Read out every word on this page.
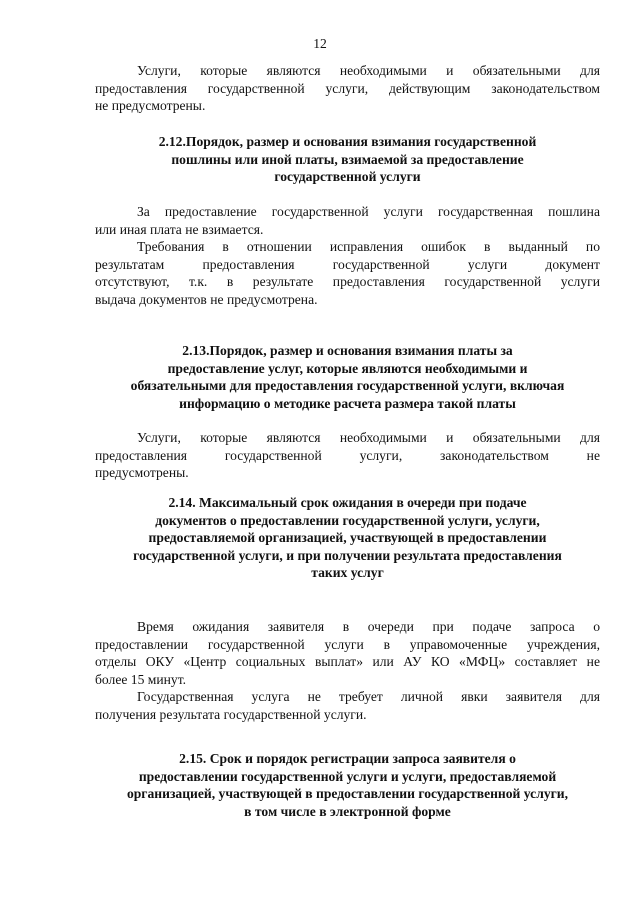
12
Услуги, которые являются необходимыми и обязательными для
предоставления государственной услуги, действующим законодательством
не предусмотрены.
2.12.Порядок, размер и основания взимания государственной
пошлины или иной платы, взимаемой за предоставление
государственной услуги
За предоставление государственной услуги государственная пошлина
или иная плата не взимается.
Требования в отношении исправления ошибок в выданный по
результатам предоставления государственной услуги документ
отсутствуют, т.к. в результате предоставления государственной услуги
выдача документов не предусмотрена.
2.13.Порядок, размер и основания взимания платы за
предоставление услуг, которые являются необходимыми и
обязательными для предоставления государственной услуги, включая
информацию о методике расчета размера такой платы
Услуги, которые являются необходимыми и обязательными для
предоставления государственной услуги, законодательством не
предусмотрены.
2.14. Максимальный срок ожидания в очереди при подаче
документов о предоставлении государственной услуги, услуги,
предоставляемой организацией, участвующей в предоставлении
государственной услуги, и при получении результата предоставления
таких услуг
Время ожидания заявителя в очереди при подаче запроса о
предоставлении государственной услуги в управомоченные учреждения,
отделы ОКУ «Центр социальных выплат» или АУ КО «МФЦ» составляет не
более 15 минут.
Государственная услуга не требует личной явки заявителя для
получения результата государственной услуги.
2.15. Срок и порядок регистрации запроса заявителя о
предоставлении государственной услуги и услуги, предоставляемой
организацией, участвующей в предоставлении государственной услуги,
в том числе в электронной форме
